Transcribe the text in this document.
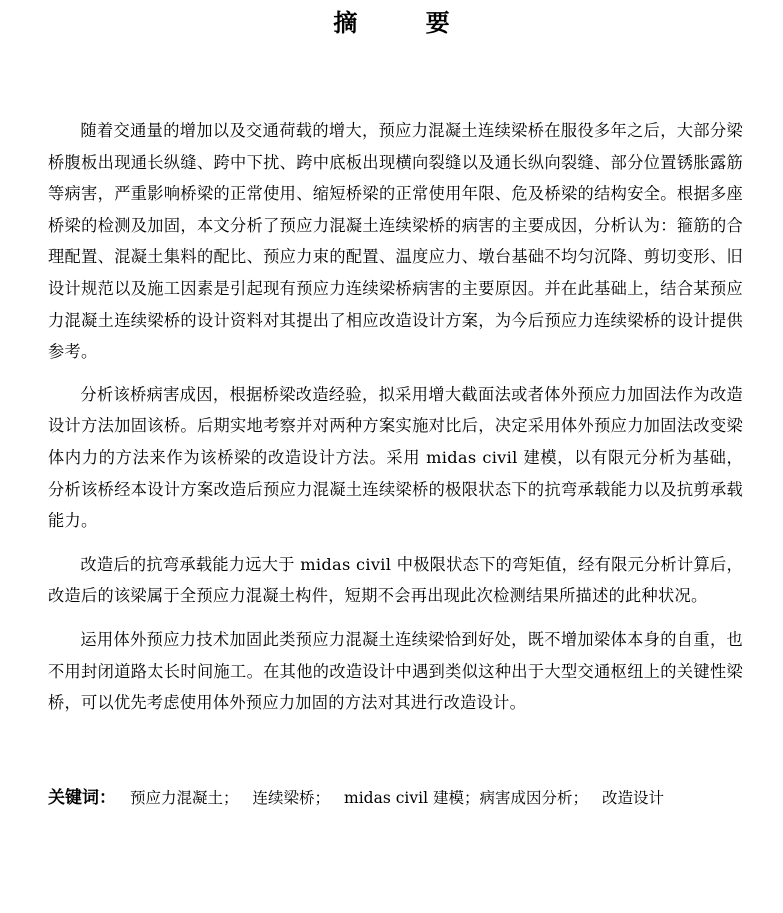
摘 要

随着交通量的增加以及交通荷载的增大，预应力混凝土连续梁桥在服役多年之后，大部分梁桥腹板出现通长纵缝、跨中下扰、跨中底板出现横向裂缝以及通长纵向裂缝、部分位置锈胀露筋等病害，严重影响桥梁的正常使用、缩短桥梁的正常使用年限、危及桥梁的结构安全。根据多座桥梁的检测及加固，本文分析了预应力混凝土连续梁桥的病害的主要成因，分析认为：箍筋的合理配置、混凝土集料的配比、预应力束的配置、温度应力、墩台基础不均匀沉降、剪切变形、旧设计规范以及施工因素是引起现有预应力连续梁桥病害的主要原因。并在此基础上，结合某预应力混凝土连续梁桥的设计资料对其提出了相应改造设计方案，为今后预应力连续梁桥的设计提供参考。

分析该桥病害成因，根据桥梁改造经验，拟采用增大截面法或者体外预应力加固法作为改造设计方法加固该桥。后期实地考察并对两种方案实施对比后，决定采用体外预应力加固法改变梁体内力的方法来作为该桥梁的改造设计方法。采用 midas civil 建模，以有限元分析为基础，分析该桥经本设计方案改造后预应力混凝土连续梁桥的极限状态下的抗弯承载能力以及抗剪承载能力。

改造后的抗弯承载能力远大于 midas civil 中极限状态下的弯矩值，经有限元分析计算后，改造后的该梁属于全预应力混凝土构件，短期不会再出现此次检测结果所描述的此种状况。

运用体外预应力技术加固此类预应力混凝土连续梁恰到好处，既不增加梁体本身的自重，也不用封闭道路太长时间施工。在其他的改造设计中遇到类似这种出于大型交通枢纽上的关键性梁桥，可以优先考虑使用体外预应力加固的方法对其进行改造设计。

关键词： 预应力混凝土； 连续梁桥； midas civil 建模；病害成因分析； 改造设计
